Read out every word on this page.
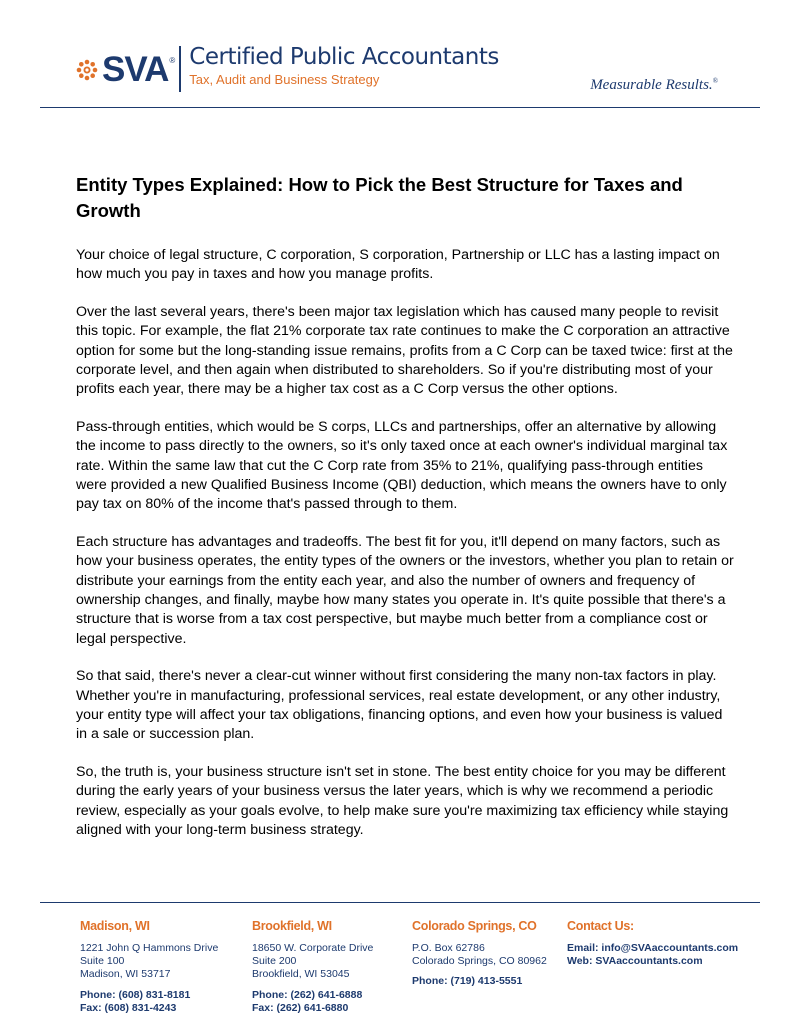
SVA ® Certified Public Accountants
Tax, Audit and Business Strategy	Measurable Results.®
Entity Types Explained: How to Pick the Best Structure for Taxes and Growth

Your choice of legal structure, C corporation, S corporation, Partnership or LLC has a lasting impact on how much you pay in taxes and how you manage profits.

Over the last several years, there's been major tax legislation which has caused many people to revisit this topic. For example, the flat 21% corporate tax rate continues to make the C corporation an attractive option for some but the long-standing issue remains, profits from a C Corp can be taxed twice: first at the corporate level, and then again when distributed to shareholders. So if you're distributing most of your profits each year, there may be a higher tax cost as a C Corp versus the other options.

Pass-through entities, which would be S corps, LLCs and partnerships, offer an alternative by allowing the income to pass directly to the owners, so it's only taxed once at each owner's individual marginal tax rate. Within the same law that cut the C Corp rate from 35% to 21%, qualifying pass-through entities were provided a new Qualified Business Income (QBI) deduction, which means the owners have to only pay tax on 80% of the income that's passed through to them.

Each structure has advantages and tradeoffs. The best fit for you, it'll depend on many factors, such as how your business operates, the entity types of the owners or the investors, whether you plan to retain or distribute your earnings from the entity each year, and also the number of owners and frequency of ownership changes, and finally, maybe how many states you operate in. It's quite possible that there's a structure that is worse from a tax cost perspective, but maybe much better from a compliance cost or legal perspective.

So that said, there's never a clear-cut winner without first considering the many non-tax factors in play. Whether you're in manufacturing, professional services, real estate development, or any other industry, your entity type will affect your tax obligations, financing options, and even how your business is valued in a sale or succession plan.

So, the truth is, your business structure isn't set in stone. The best entity choice for you may be different during the early years of your business versus the later years, which is why we recommend a periodic review, especially as your goals evolve, to help make sure you're maximizing tax efficiency while staying aligned with your long-term business strategy.

Madison, WI
1221 John Q Hammons Drive
Suite 100
Madison, WI 53717
Phone: (608) 831-8181
Fax: (608) 831-4243
Brookfield, WI
18650 W. Corporate Drive
Suite 200
Brookfield, WI 53045
Phone: (262) 641-6888
Fax: (262) 641-6880
Colorado Springs, CO
P.O. Box 62786
Colorado Springs, CO 80962
Phone: (719) 413-5551
Contact Us:
Email: info@SVAaccountants.com
Web: SVAaccountants.com
